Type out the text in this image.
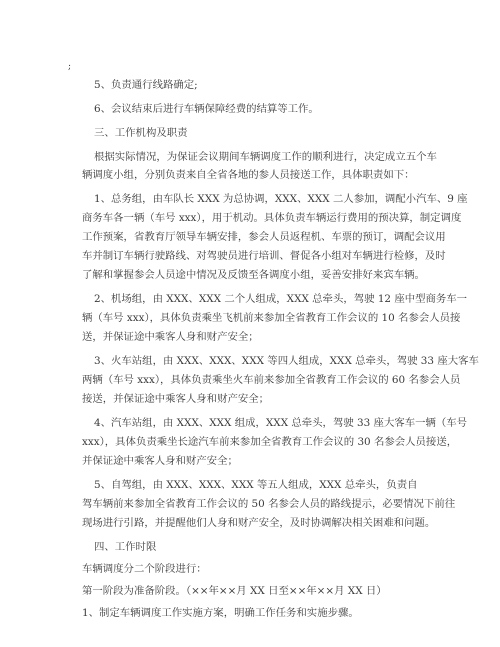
;
5、负责通行线路确定;
6、会议结束后进行车辆保障经费的结算等工作。
三、工作机构及职责
根据实际情况，为保证会议期间车辆调度工作的顺利进行，决定成立五个车
辆调度小组，分别负责来自全省各地的参人员接送工作，具体职责如下：
1、总务组，由车队长 XXX 为总协调，XXX、XXX 二人参加，调配小汽车、9 座
商务车各一辆（车号 xxx），用于机动。具体负责车辆运行费用的预决算，制定调度
工作预案，省教育厅领导车辆安排，参会人员返程机、车票的预订，调配会议用
车并制订车辆行驶路线、对驾驶员进行培训、督促各小组对车辆进行检修，及时
了解和掌握参会人员途中情况及反馈至各调度小组，妥善安排好来宾车辆。
2、机场组，由 XXX、XXX 二个人组成，XXX 总牵头，驾驶 12 座中型商务车一
辆（车号 xxx），具体负责乘坐飞机前来参加全省教育工作会议的 10 名参会人员接
送，并保证途中乘客人身和财产安全；
3、火车站组，由 XXX、XXX、XXX 等四人组成，XXX 总牵头，驾驶 33 座大客车
两辆（车号 xxx），具体负责乘坐火车前来参加全省教育工作会议的 60 名参会人员
接送，并保证途中乘客人身和财产安全；
4、汽车站组，由 XXX、XXX 组成，XXX 总牵头，驾驶 33 座大客车一辆（车号
xxx），具体负责乘坐长途汽车前来参加全省教育工作会议的 30 名参会人员接送，
并保证途中乘客人身和财产安全；
5、自驾组，由 XXX、XXX、XXX 等五人组成，XXX 总牵头，负责自
驾车辆前来参加全省教育工作会议的 50 名参会人员的路线提示，必要情况下前往
现场进行引路，并提醒他们人身和财产安全，及时协调解决相关困难和问题。
四、工作时限
车辆调度分二个阶段进行：
第一阶段为准备阶段。（××年××月 XX 日至××年××月 XX 日）
1、制定车辆调度工作实施方案，明确工作任务和实施步骤。
